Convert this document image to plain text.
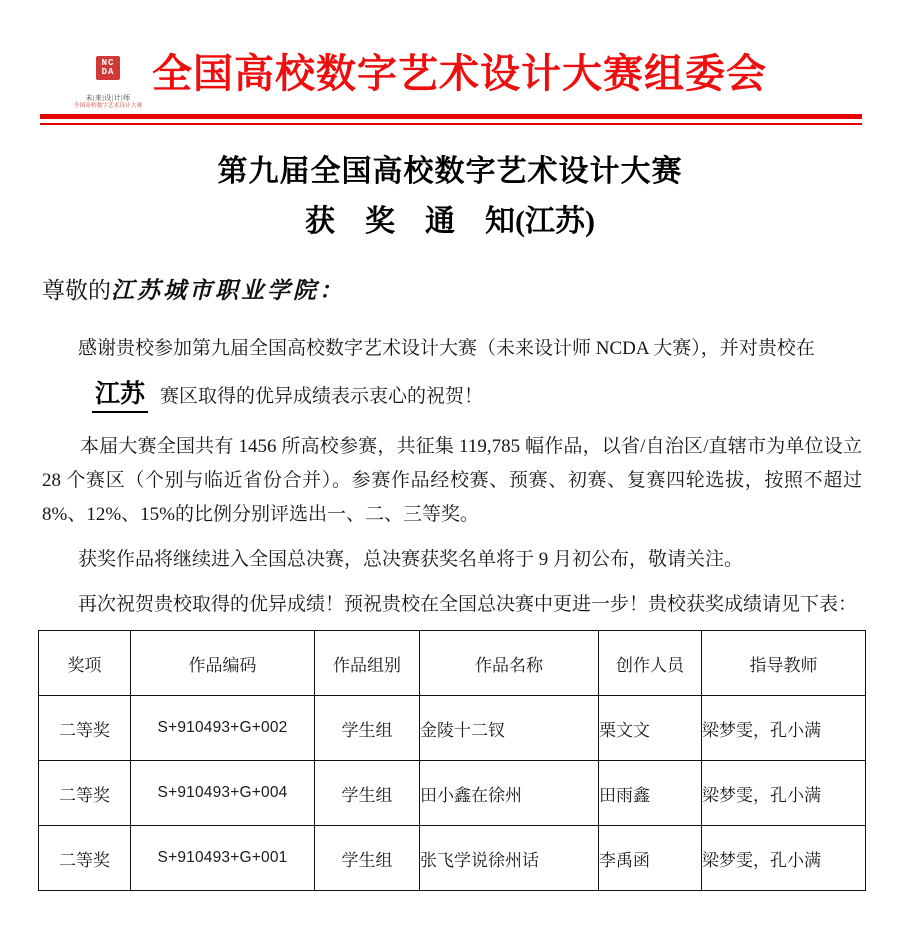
NC
DA
未|来|设|计|师
全国高校数字艺术设计大赛
全国高校数字艺术设计大赛组委会
第九届全国高校数字艺术设计大赛
获　奖　通　知(江苏)
尊敬的江苏城市职业学院：
感谢贵校参加第九届全国高校数字艺术设计大赛（未来设计师 NCDA 大赛），并对贵校在
江苏 赛区取得的优异成绩表示衷心的祝贺！
本届大赛全国共有 1456 所高校参赛，共征集 119,785 幅作品，以省/自治区/直辖市为单位设立 28 个赛区（个别与临近省份合并）。参赛作品经校赛、预赛、初赛、复赛四轮选拔，按照不超过 8%、12%、15%的比例分别评选出一、二、三等奖。
获奖作品将继续进入全国总决赛，总决赛获奖名单将于 9 月初公布，敬请关注。
再次祝贺贵校取得的优异成绩！预祝贵校在全国总决赛中更进一步！贵校获奖成绩请见下表：
奖项	作品编码	作品组别	作品名称	创作人员	指导教师
二等奖	S+910493+G+002	学生组	金陵十二钗	栗文文	梁梦雯，孔小满
二等奖	S+910493+G+004	学生组	田小鑫在徐州	田雨鑫	梁梦雯，孔小满
二等奖	S+910493+G+001	学生组	张飞学说徐州话	李禹函	梁梦雯，孔小满
